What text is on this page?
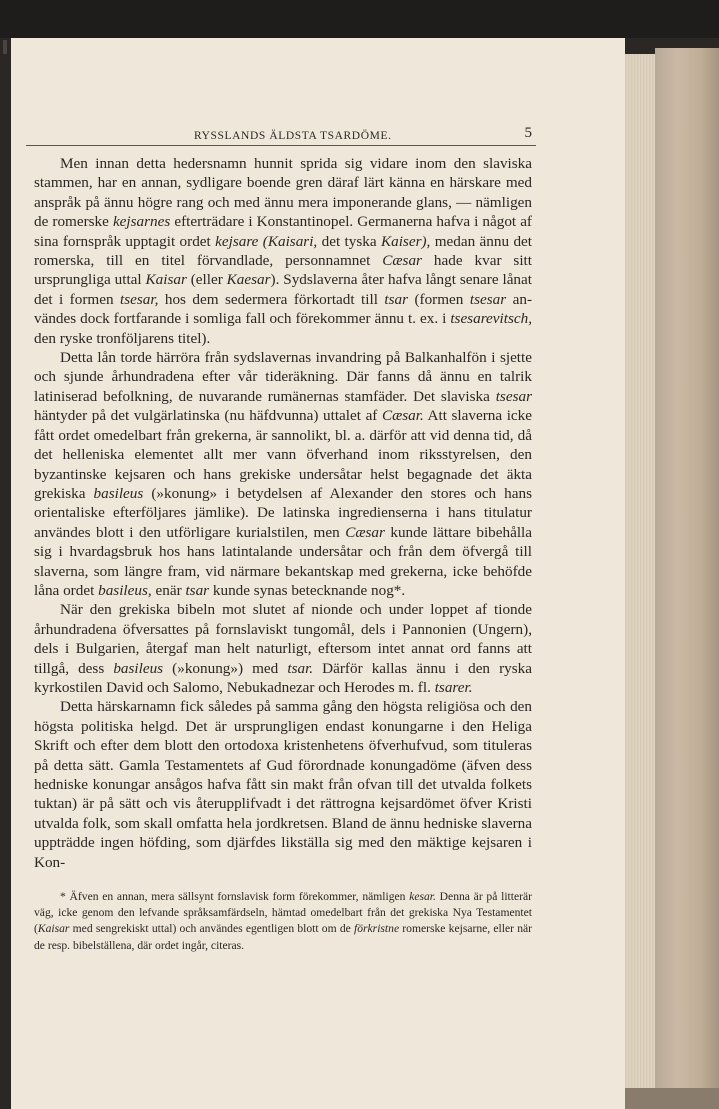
RYSSLANDS ÄLDSTA TSARDÖME.	5

Men innan detta hedersnamn hunnit sprida sig vidare inom den slaviska stammen, har en annan, sydligare boende gren däraf lärt känna en härskare med anspråk på ännu högre rang och med ännu mera imponerande glans, — nämligen de romerske kejsarnes efterträdare i Konstantinopel. Germanerna hafva i något af sina fornspråk upptagit ordet kejsare (Kaisari, det tyska Kaiser), medan ännu det romerska, till en titel förvandlade, personnamnet Cæsar hade kvar sitt ursprungliga uttal Kaisar (eller Kaesar). Sydslaverna åter hafva långt senare lånat det i formen tsesar, hos dem sedermera förkortadt till tsar (formen tsesar användes dock fortfarande i somliga fall och förekommer ännu t. ex. i tsesarevitsch, den ryske tronföljarens titel).

Detta lån torde härröra från sydslavernas invandring på Balkanhalfön i sjette och sjunde århundradena efter vår tideräkning. Där fanns då ännu en talrik latiniserad befolkning, de nuvarande rumänernas stamfäder. Det slaviska tsesar häntyder på det vulgärlatinska (nu häfdvunna) uttalet af Cæsar. Att slaverna icke fått ordet omedelbart från grekerna, är sannolikt, bl. a. därför att vid denna tid, då det helleniska elementet allt mer vann öfverhand inom riksstyrelsen, den byzantinske kejsaren och hans grekiske undersåtar helst begagnade det äkta grekiska basileus (»konung» i betydelsen af Alexander den stores och hans orientaliske efterföljares jämlike). De latinska ingredienserna i hans titulatur användes blott i den utförligare kurialstilen, men Cæsar kunde lättare bibehålla sig i hvardagsbruk hos hans latintalande undersåtar och från dem öfvergå till slaverna, som längre fram, vid närmare bekantskap med grekerna, icke behöfde låna ordet basileus, enär tsar kunde synas betecknande nog*.

När den grekiska bibeln mot slutet af nionde och under loppet af tionde århundradena öfversattes på fornslaviskt tungomål, dels i Pannonien (Ungern), dels i Bulgarien, återgaf man helt naturligt, eftersom intet annat ord fanns att tillgå, dess basileus (»konung») med tsar. Därför kallas ännu i den ryska kyrkostilen David och Salomo, Nebukadnezar och Herodes m. fl. tsarer.

Detta härskarnamn fick således på samma gång den högsta religiösa och den högsta politiska helgd. Det är ursprungligen endast konungarne i den Heliga Skrift och efter dem blott den ortodoxa kristenhetens öfverhufvud, som tituleras på detta sätt. Gamla Testamentets af Gud förordnade konungadöme (äfven dess hedniske konungar ansågos hafva fått sin makt från ofvan till det utvalda folkets tuktan) är på sätt och vis återupplifvadt i det rättrogna kejsardömet öfver Kristi utvalda folk, som skall omfatta hela jordkretsen. Bland de ännu hedniske slaverna uppträdde ingen höfding, som djärfdes likställa sig med den mäktige kejsaren i Kon-

* Äfven en annan, mera sällsynt fornslavisk form förekommer, nämligen kesar. Denna är på litterär väg, icke genom den lefvande språksamfärdseln, hämtad omedelbart från det grekiska Nya Testamentet (Kaisar med sengrekiskt uttal) och användes egentligen blott om de förkristne romerske kejsarne, eller när de resp. bibelställena, där ordet ingår, citeras.
